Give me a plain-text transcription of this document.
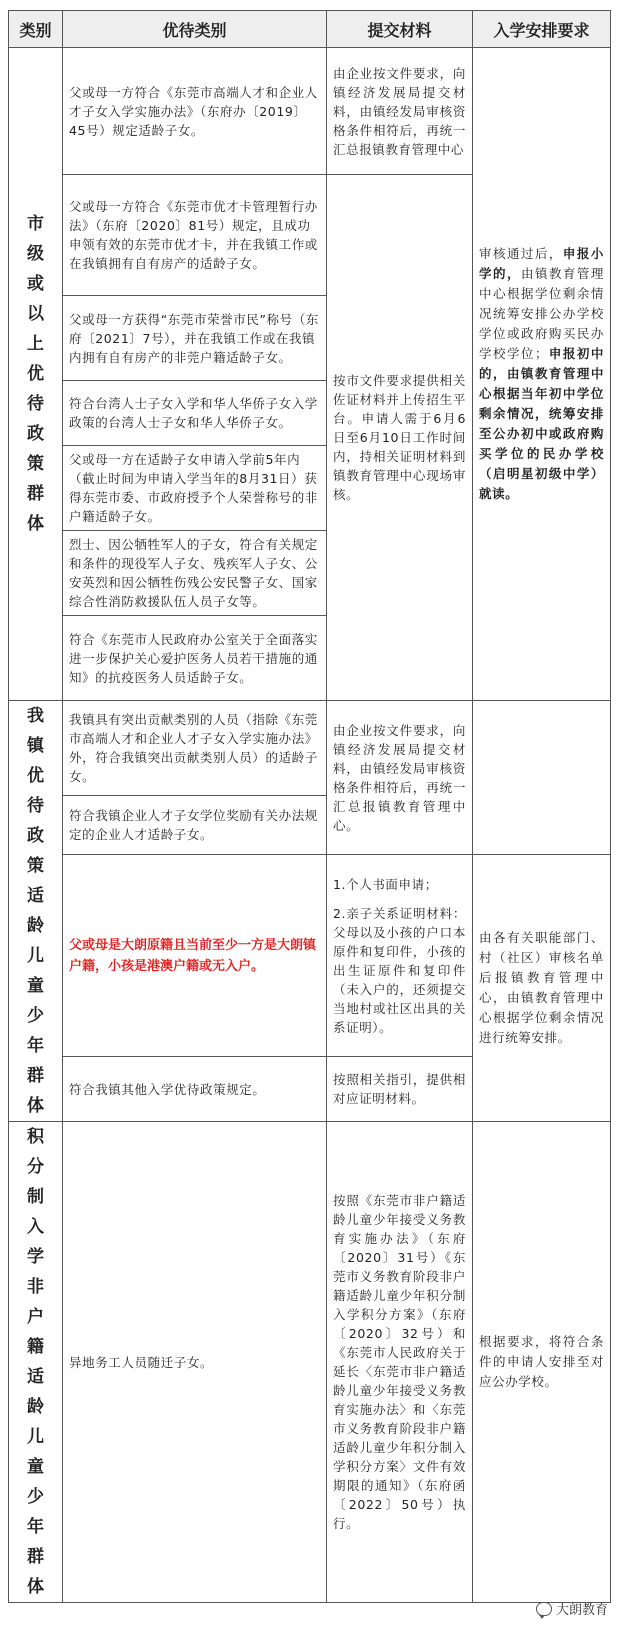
类别	优待类别	提交材料	入学安排要求

市级或以上优待政策群体	父或母一方符合《东莞市高端人才和企业人才子女入学实施办法》（东府办〔2019〕45号）规定适龄子女。	由企业按文件要求，向镇经济发展局提交材料，由镇经发局审核资格条件相符后，再统一汇总报镇教育管理中心	审核通过后，申报小学的，由镇教育管理中心根据学位剩余情况统筹安排公办学校学位或政府购买民办学校学位；申报初中的，由镇教育管理中心根据当年初中学位剩余情况，统筹安排至公办初中或政府购买学位的民办学校（启明星初级中学）就读。
	父或母一方符合《东莞市优才卡管理暂行办法》（东府〔2020〕81号）规定，且成功申领有效的东莞市优才卡，并在我镇工作或在我镇拥有自有房产的适龄子女。	按市文件要求提供相关佐证材料并上传招生平台。申请人需于6月6日至6月10日工作时间内，持相关证明材料到镇教育管理中心现场审核。	
	父或母一方获得“东莞市荣誉市民”称号（东府〔2021〕7号），并在我镇工作或在我镇内拥有自有房产的非莞户籍适龄子女。		
	符合台湾人士子女入学和华人华侨子女入学政策的台湾人士子女和华人华侨子女。		
	父或母一方在适龄子女申请入学前5年内（截止时间为申请入学当年的8月31日）获得东莞市委、市政府授予个人荣誉称号的非户籍适龄子女。		
	烈士、因公牺牲军人的子女，符合有关规定和条件的现役军人子女、残疾军人子女、公安英烈和因公牺牲伤残公安民警子女、国家综合性消防救援队伍人员子女等。		
	符合《东莞市人民政府办公室关于全面落实进一步保护关心爱护医务人员若干措施的通知》的抗疫医务人员适龄子女。		

我镇优待政策适龄儿童少年群体	我镇具有突出贡献类别的人员（指除《东莞市高端人才和企业人才子女入学实施办法》外，符合我镇突出贡献类别人员）的适龄子女。	由企业按文件要求，向镇经济发展局提交材料，由镇经发局审核资格条件相符后，再统一汇总报镇教育管理中心。	
	符合我镇企业人才子女学位奖励有关办法规定的企业人才适龄子女。		
	父或母是大朗原籍且当前至少一方是大朗镇户籍，小孩是港澳户籍或无入户。	1.个人书面申请；
2.亲子关系证明材料：父母以及小孩的户口本原件和复印件，小孩的出生证原件和复印件（未入户的，还须提交当地村或社区出具的关系证明）。	由各有关职能部门、村（社区）审核名单后报镇教育管理中心，由镇教育管理中心根据学位剩余情况进行统筹安排。
	符合我镇其他入学优待政策规定。	按照相关指引，提供相对应证明材料。	

积分制入学非户籍适龄儿童少年群体	异地务工人员随迁子女。	按照《东莞市非户籍适龄儿童少年接受义务教育实施办法》（东府〔2020〕31号）《东莞市义务教育阶段非户籍适龄儿童少年积分制入学积分方案》（东府〔2020〕32号）和《东莞市人民政府关于延长〈东莞市非户籍适龄儿童少年接受义务教育实施办法〉和〈东莞市义务教育阶段非户籍适龄儿童少年积分制入学积分方案〉文件有效期限的通知》（东府函〔2022〕50号）执行。	根据要求，将符合条件的申请人安排至对应公办学校。
大朗教育
